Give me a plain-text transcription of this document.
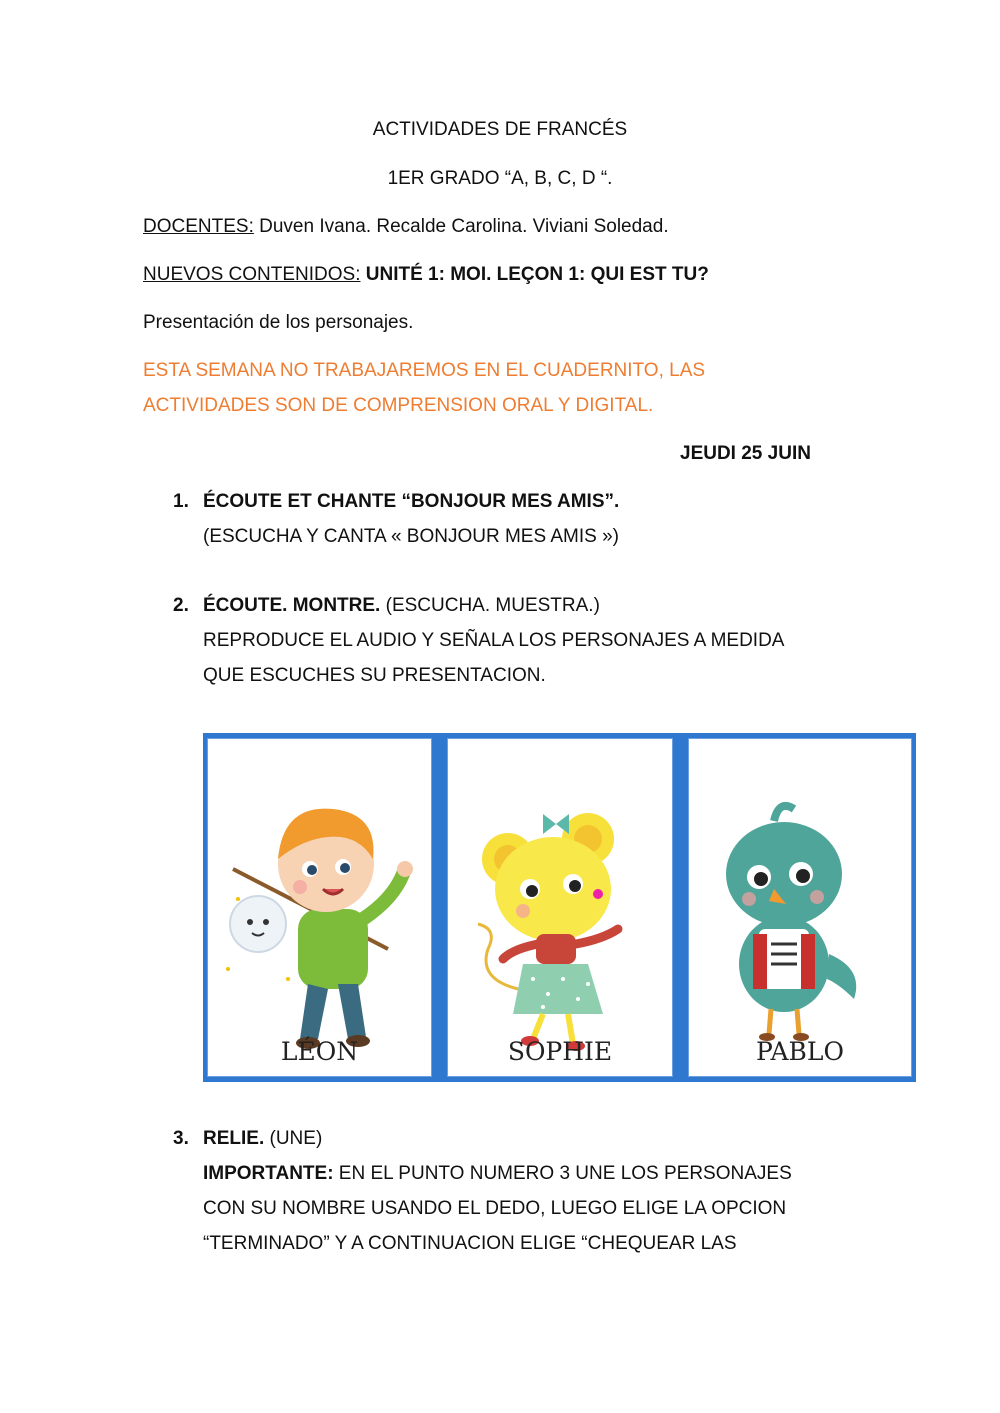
ACTIVIDADES DE FRANCÉS
1ER GRADO “A, B, C, D “.
DOCENTES: Duven Ivana. Recalde Carolina. Viviani Soledad.
NUEVOS CONTENIDOS: UNITÉ 1: MOI. LEÇON 1: QUI EST TU?
Presentación de los personajes.
ESTA SEMANA NO TRABAJAREMOS EN EL CUADERNITO, LAS
ACTIVIDADES SON DE COMPRENSION ORAL Y DIGITAL.
JEUDI 25 JUIN
1. ÉCOUTE ET CHANTE “BONJOUR MES AMIS”.
(ESCUCHA Y CANTA « BONJOUR MES AMIS »)
2. ÉCOUTE. MONTRE. (ESCUCHA. MUESTRA.)
REPRODUCE EL AUDIO Y SEÑALA LOS PERSONAJES A MEDIDA
QUE ESCUCHES SU PRESENTACION.
LÉON	SOPHIE	PABLO
3. RELIE. (UNE)
IMPORTANTE: EN EL PUNTO NUMERO 3 UNE LOS PERSONAJES
CON SU NOMBRE USANDO EL DEDO, LUEGO ELIGE LA OPCION
“TERMINADO” Y A CONTINUACION ELIGE “CHEQUEAR LAS
